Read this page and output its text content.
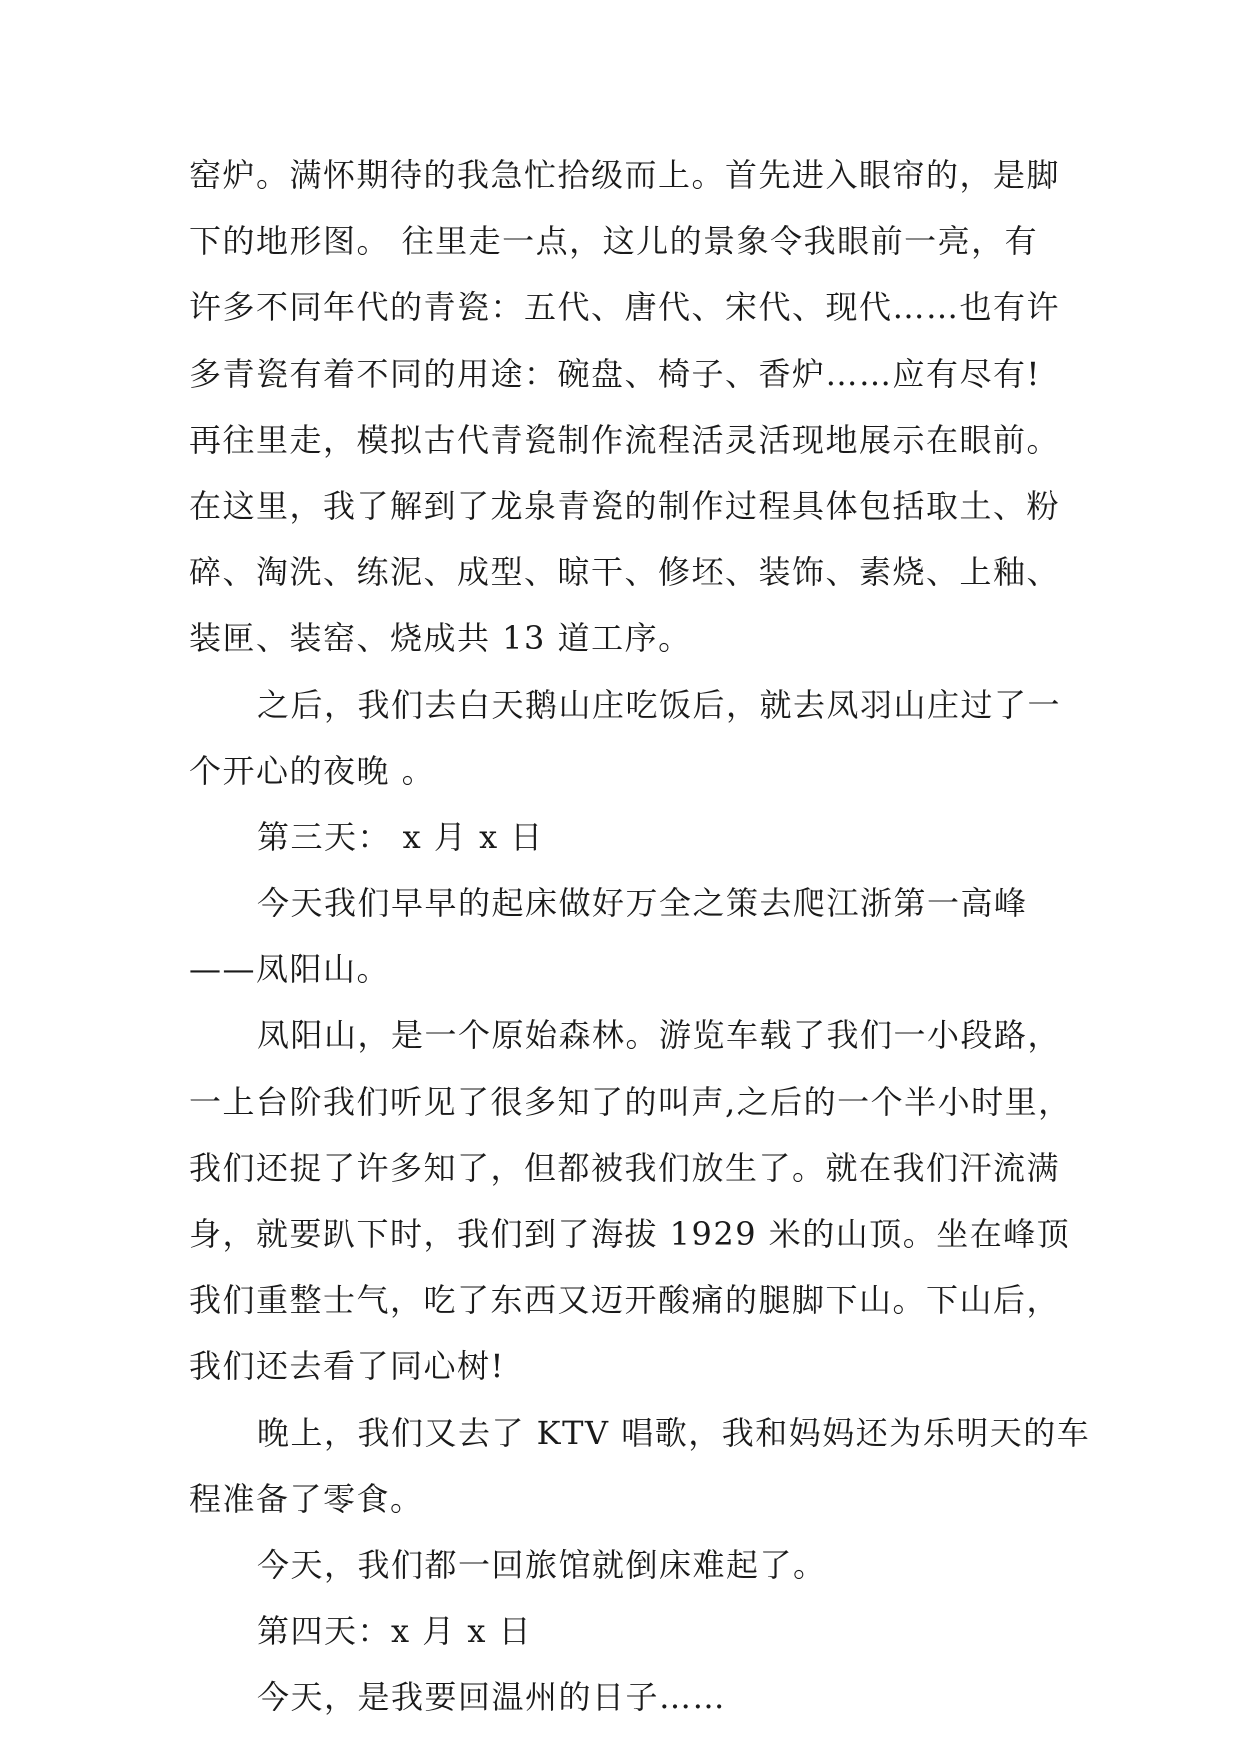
窑炉。满怀期待的我急忙拾级而上。首先进入眼帘的，是脚
下的地形图。 往里走一点，这儿的景象令我眼前一亮，有
许多不同年代的青瓷：五代、唐代、宋代、现代……也有许
多青瓷有着不同的用途：碗盘、椅子、香炉……应有尽有!
再往里走，模拟古代青瓷制作流程活灵活现地展示在眼前。
在这里，我了解到了龙泉青瓷的制作过程具体包括取土、粉
碎、淘洗、练泥、成型、晾干、修坯、装饰、素烧、上釉、
装匣、装窑、烧成共 13 道工序。
之后，我们去白天鹅山庄吃饭后，就去凤羽山庄过了一
个开心的夜晚 。
第三天： x 月 x 日
今天我们早早的起床做好万全之策去爬江浙第一高峰
——凤阳山。
凤阳山，是一个原始森林。游览车载了我们一小段路，
一上台阶我们听见了很多知了的叫声,之后的一个半小时里，
我们还捉了许多知了，但都被我们放生了。就在我们汗流满
身，就要趴下时，我们到了海拔 1929 米的山顶。坐在峰顶
我们重整士气，吃了东西又迈开酸痛的腿脚下山。下山后，
我们还去看了同心树!
晚上，我们又去了 KTV 唱歌，我和妈妈还为乐明天的车
程准备了零食。
今天，我们都一回旅馆就倒床难起了。
第四天：x 月 x 日
今天，是我要回温州的日子……
